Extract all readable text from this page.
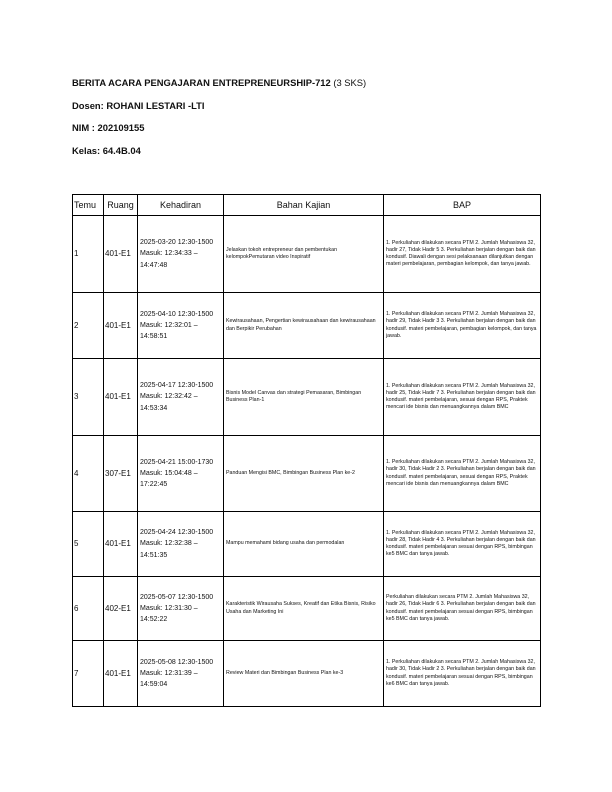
BERITA ACARA PENGAJARAN ENTREPRENEURSHIP-712 (3 SKS)
Dosen: ROHANI LESTARI -LTI
NIM : 202109155
Kelas: 64.4B.04
Temu	Ruang	Kehadiran	Bahan Kajian	BAP
1	401-E1	2025-03-20 12:30-1500 Masuk: 12:34:33 – 14:47:48	Jelaskan tokoh entrepreneur dan pembentukan kelompokPemutaran video Inspiratif	1. Perkuliahan dilakukan secara PTM 2. Jumlah Mahasiswa 32, hadir 27, Tidak Hadir 5 3. Perkuliahan berjalan dengan baik dan kondusif. Diawali dengan sesi pelaksanaan dilanjutkan dengan materi pembelajaran, pembagian kelompok, dan tanya jawab.
2	401-E1	2025-04-10 12:30-1500 Masuk: 12:32:01 – 14:58:51	Kewirausahaan, Pengertian kewirausahaan dan kewirausahaan dan Berpikir Perubahan	1. Perkuliahan dilakukan secara PTM 2. Jumlah Mahasiswa 32, hadir 29, Tidak Hadir 3 3. Perkuliahan berjalan dengan baik dan kondusif. materi pembelajaran, pembagian kelompok, dan tanya jawab.
3	401-E1	2025-04-17 12:30-1500 Masuk: 12:32:42 – 14:53:34	Bisnis Model Canvas dan strategi Pemasaran, Bimbingan Business Plan-1	1. Perkuliahan dilakukan secara PTM 2. Jumlah Mahasiswa 32, hadir 25, Tidak Hadir 7 3. Perkuliahan berjalan dengan baik dan kondusif. materi pembelajaran, sesuai dengan RPS, Praktek mencari ide bisnis dan menuangkannya dalam BMC
4	307-E1	2025-04-21 15:00-1730 Masuk: 15:04:48 – 17:22:45	Panduan Mengisi BMC, Bimbingan Business Plan ke-2	1. Perkuliahan dilakukan secara PTM 2. Jumlah Mahasiswa 32, hadir 30, Tidak Hadir 2 3. Perkuliahan berjalan dengan baik dan kondusif. materi pembelajaran, sesuai dengan RPS, Praktek mencari ide bisnis dan menuangkannya dalam BMC
5	401-E1	2025-04-24 12:30-1500 Masuk: 12:32:38 – 14:51:35	Mampu memahami bidang usaha dan permodalan	1. Perkuliahan dilakukan secara PTM 2. Jumlah Mahasiswa 32, hadir 28, Tidak Hadir 4 3. Perkuliahan berjalan dengan baik dan kondusif. materi pembelajaran sesuai dengan RPS, bimbingan ke5 BMC dan tanya jawab.
6	402-E1	2025-05-07 12:30-1500 Masuk: 12:31:30 – 14:52:22	Karakteristik Wirausaha Sukses, Kreatif dan Etika Bisnis, Risiko Usaha dan Marketing Ini	Perkuliahan dilakukan secara PTM 2. Jumlah Mahasiswa 32, hadir 26, Tidak Hadir 6 3. Perkuliahan berjalan dengan baik dan kondusif. materi pembelajaran sesuai dengan RPS, bimbingan ke5 BMC dan tanya jawab.
7	401-E1	2025-05-08 12:30-1500 Masuk: 12:31:39 – 14:59:04	Review Materi dan Bimbingan Business Plan ke-3	1. Perkuliahan dilakukan secara PTM 2. Jumlah Mahasiswa 32, hadir 30, Tidak Hadir 2 3. Perkuliahan berjalan dengan baik dan kondusif. materi pembelajaran sesuai dengan RPS, bimbingan ke6 BMC dan tanya jawab.
